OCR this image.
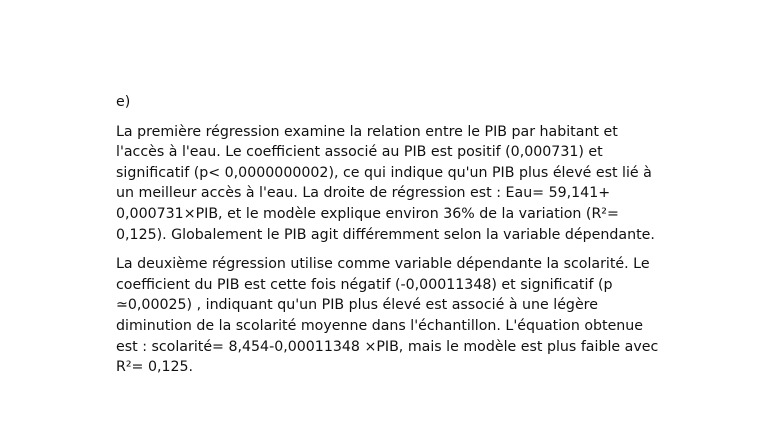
e)

La première régression examine la relation entre le PIB par habitant et l'accès à l'eau. Le coefficient associé au PIB est positif (0,000731) et significatif (p< 0,0000000002), ce qui indique qu'un PIB plus élevé est lié à un meilleur accès à l'eau. La droite de régression est : Eau= 59,141+ 0,000731×PIB, et le modèle explique environ 36% de la variation (R²= 0,125). Globalement le PIB agit différemment selon la variable dépendante.

La deuxième régression utilise comme variable dépendante la scolarité. Le coefficient du PIB est cette fois négatif (-0,00011348) et significatif (p ≃0,00025) , indiquant qu'un PIB plus élevé est associé à une légère diminution de la scolarité moyenne dans l'échantillon. L'équation obtenue est : scolarité= 8,454-0,00011348 ×PIB, mais le modèle est plus faible avec R²= 0,125.
